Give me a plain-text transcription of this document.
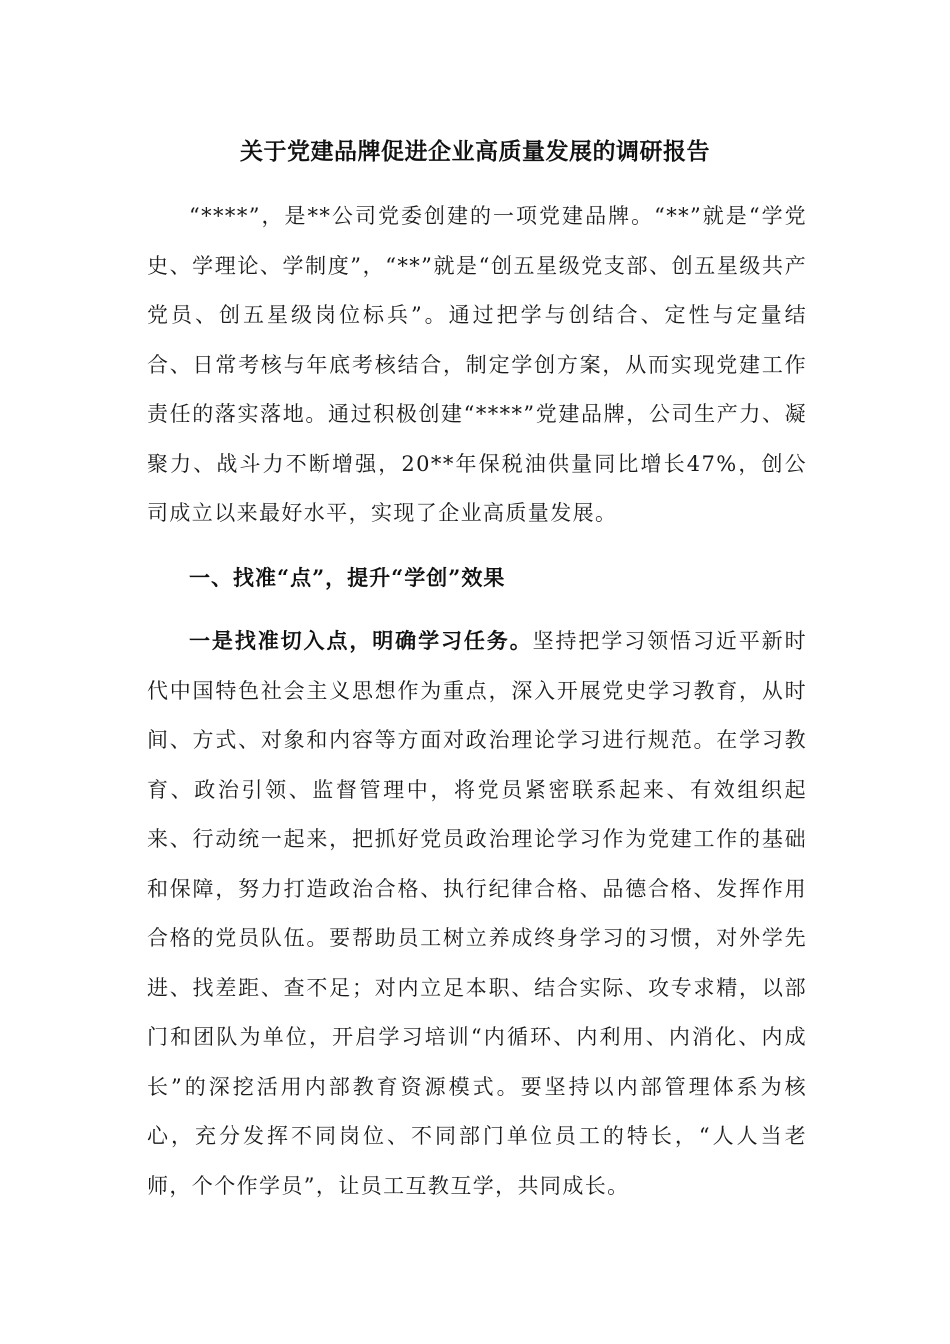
关于党建品牌促进企业高质量发展的调研报告

“****”，是**公司党委创建的一项党建品牌。“**”就是“学党史、学理论、学制度”，“**”就是“创五星级党支部、创五星级共产党员、创五星级岗位标兵”。通过把学与创结合、定性与定量结合、日常考核与年底考核结合，制定学创方案，从而实现党建工作责任的落实落地。通过积极创建“****”党建品牌，公司生产力、凝聚力、战斗力不断增强，20**年保税油供量同比增长47%，创公司成立以来最好水平，实现了企业高质量发展。

一、找准“点”，提升“学创”效果

一是找准切入点，明确学习任务。坚持把学习领悟习近平新时代中国特色社会主义思想作为重点，深入开展党史学习教育，从时间、方式、对象和内容等方面对政治理论学习进行规范。在学习教育、政治引领、监督管理中，将党员紧密联系起来、有效组织起来、行动统一起来，把抓好党员政治理论学习作为党建工作的基础和保障，努力打造政治合格、执行纪律合格、品德合格、发挥作用合格的党员队伍。要帮助员工树立养成终身学习的习惯，对外学先进、找差距、查不足；对内立足本职、结合实际、攻专求精，以部门和团队为单位，开启学习培训“内循环、内利用、内消化、内成长”的深挖活用内部教育资源模式。要坚持以内部管理体系为核心，充分发挥不同岗位、不同部门单位员工的特长，“人人当老师，个个作学员”，让员工互教互学，共同成长。
